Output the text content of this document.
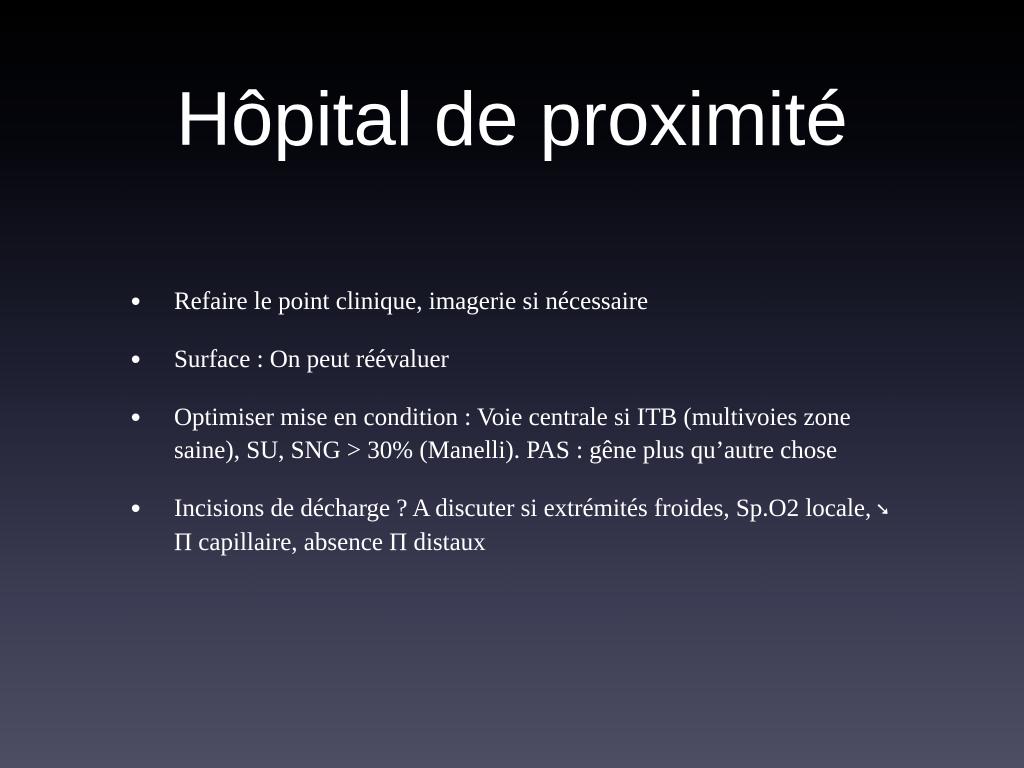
Hôpital de proximité
• Refaire le point clinique, imagerie si nécessaire
• Surface : On peut réévaluer
• Optimiser mise en condition : Voie centrale si ITB (multivoies zone saine), SU, SNG > 30% (Manelli). PAS : gêne plus qu’autre chose
• Incisions de décharge ? A discuter si extrémités froides, Sp.O2 locale, ➘ Π capillaire, absence Π distaux
